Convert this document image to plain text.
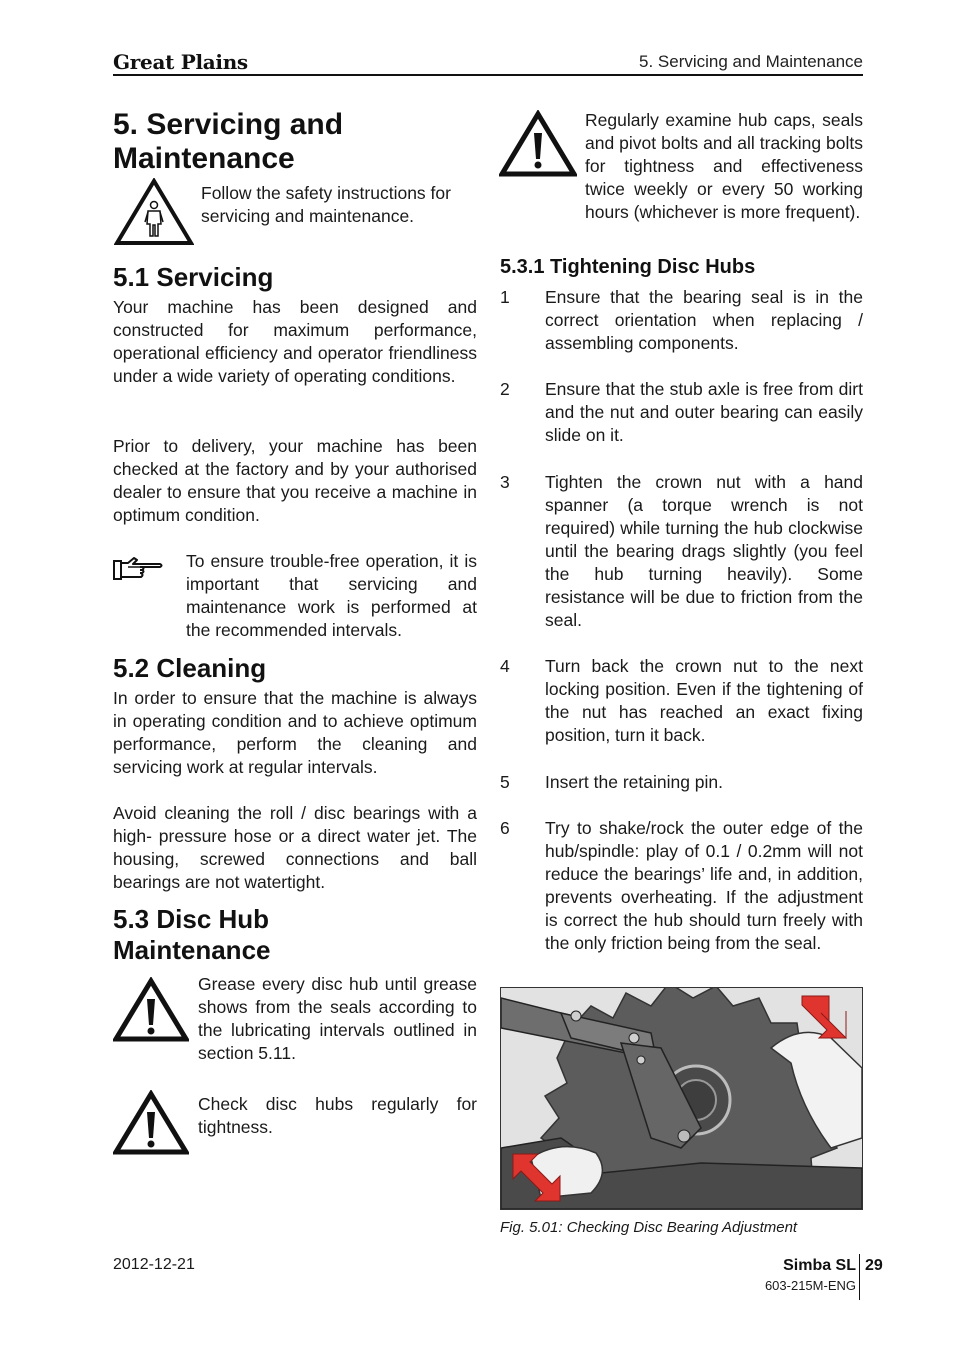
Great Plains	5. Servicing and Maintenance
5. Servicing and
Maintenance
Follow the safety instructions for servicing and maintenance.
5.1 Servicing
Your machine has been designed and constructed for maximum performance, operational efficiency and operator friendliness under a wide variety of operating conditions.
Prior to delivery, your machine has been checked at the factory and by your authorised dealer to ensure that you receive a machine in optimum condition.
To ensure trouble-free operation, it is important that servicing and maintenance work is performed at the recommended intervals.
5.2 Cleaning
In order to ensure that the machine is always in operating condition and to achieve optimum performance, perform the cleaning and servicing work at regular intervals.
Avoid cleaning the roll / disc bearings with a high- pressure hose or a direct water jet. The housing, screwed connections and ball bearings are not watertight.
5.3 Disc Hub
Maintenance
Grease every disc hub until grease shows from the seals according to the lubricating intervals outlined in section 5.11.
Check disc hubs regularly for tightness.
Regularly examine hub caps, seals and pivot bolts and all tracking bolts for tightness and effectiveness twice weekly or every 50 working hours (whichever is more frequent).
5.3.1 Tightening Disc Hubs
1	Ensure that the bearing seal is in the correct orientation when replacing / assembling components.
2	Ensure that the stub axle is free from dirt and the nut and outer bearing can easily slide on it.
3	Tighten the crown nut with a hand spanner (a torque wrench is not required) while turning the hub clockwise until the bearing drags slightly (you feel the hub turning heavily). Some resistance will be due to friction from the seal.
4	Turn back the crown nut to the next locking position. Even if the tightening of the nut has reached an exact fixing position, turn it back.
5	Insert the retaining pin.
6	Try to shake/rock the outer edge of the hub/spindle: play of 0.1 / 0.2mm will not reduce the bearings’ life and, in addition, prevents overheating. If the adjustment is correct the hub should turn freely with the only friction being from the seal.
Fig. 5.01: Checking Disc Bearing Adjustment
2012-12-21	Simba SL
603-215M-ENG
29
